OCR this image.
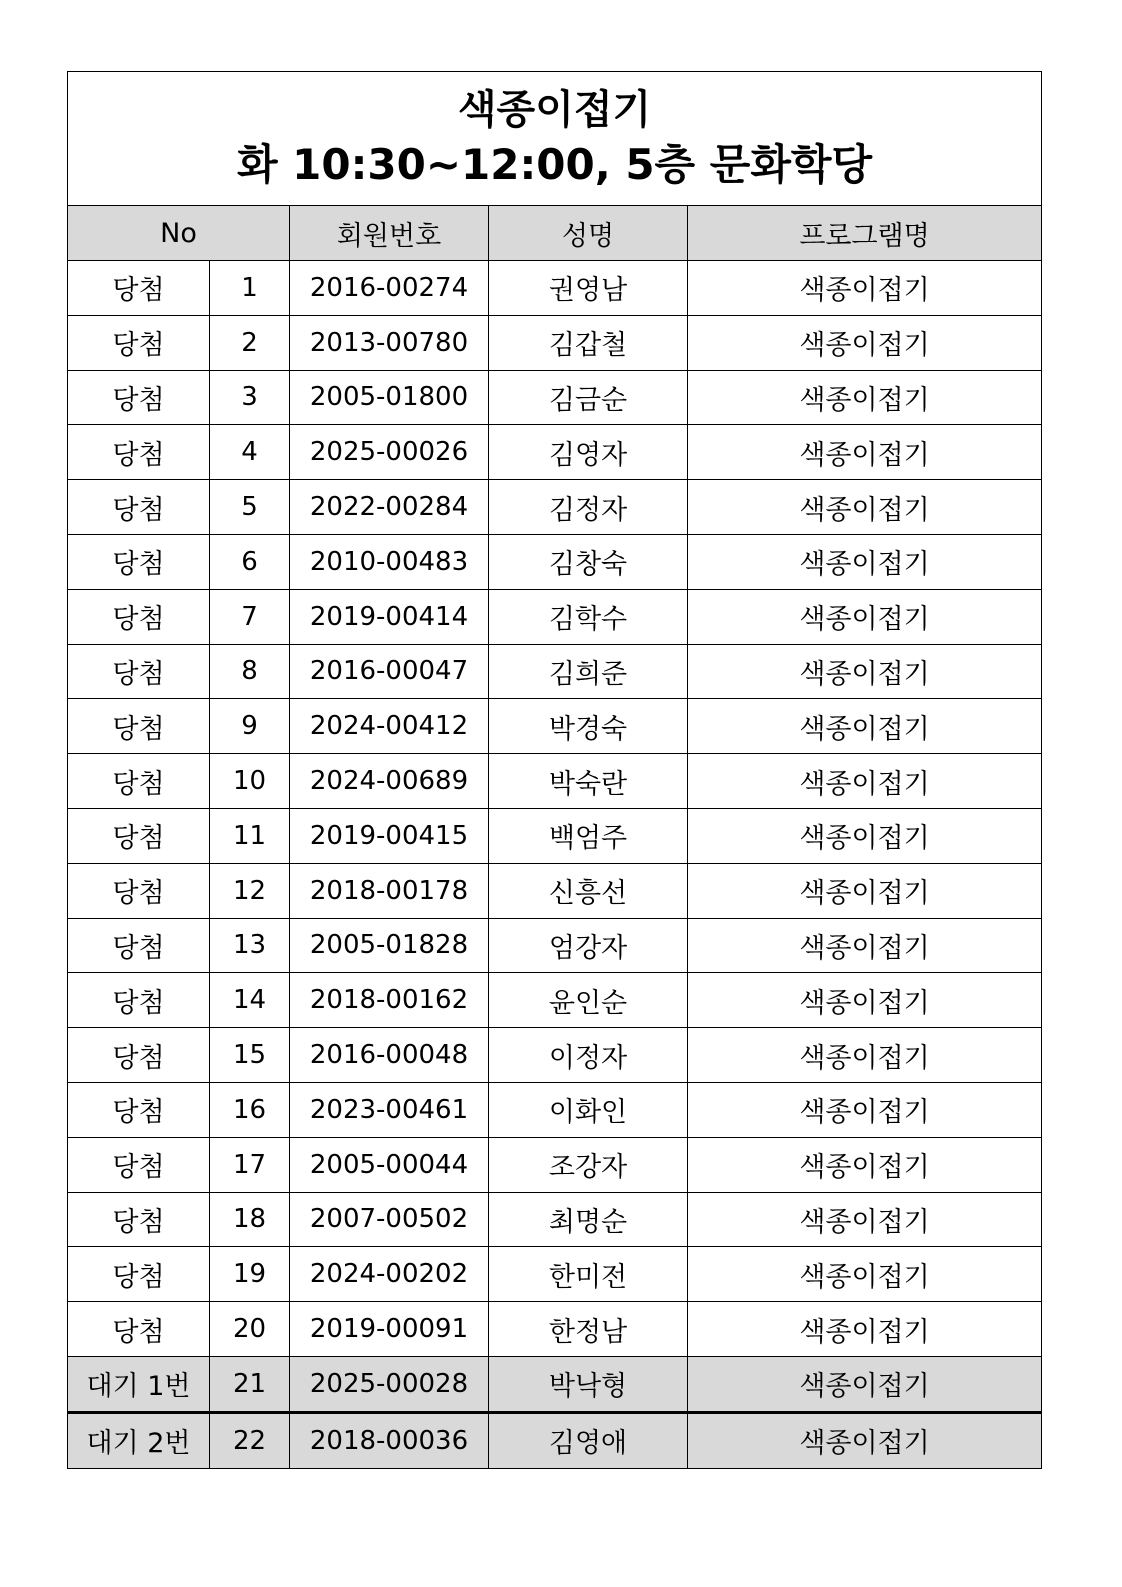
색종이접기
화 10:30~12:00, 5층 문화학당				

No		회원번호	성명	프로그램명
당첨	1	2016-00274	권영남	색종이접기
당첨	2	2013-00780	김갑철	색종이접기
당첨	3	2005-01800	김금순	색종이접기
당첨	4	2025-00026	김영자	색종이접기
당첨	5	2022-00284	김정자	색종이접기
당첨	6	2010-00483	김창숙	색종이접기
당첨	7	2019-00414	김학수	색종이접기
당첨	8	2016-00047	김희준	색종이접기
당첨	9	2024-00412	박경숙	색종이접기
당첨	10	2024-00689	박숙란	색종이접기
당첨	11	2019-00415	백엄주	색종이접기
당첨	12	2018-00178	신흥선	색종이접기
당첨	13	2005-01828	엄강자	색종이접기
당첨	14	2018-00162	윤인순	색종이접기
당첨	15	2016-00048	이정자	색종이접기
당첨	16	2023-00461	이화인	색종이접기
당첨	17	2005-00044	조강자	색종이접기
당첨	18	2007-00502	최명순	색종이접기
당첨	19	2024-00202	한미전	색종이접기
당첨	20	2019-00091	한정남	색종이접기
대기 1번	21	2025-00028	박낙형	색종이접기
대기 2번	22	2018-00036	김영애	색종이접기
